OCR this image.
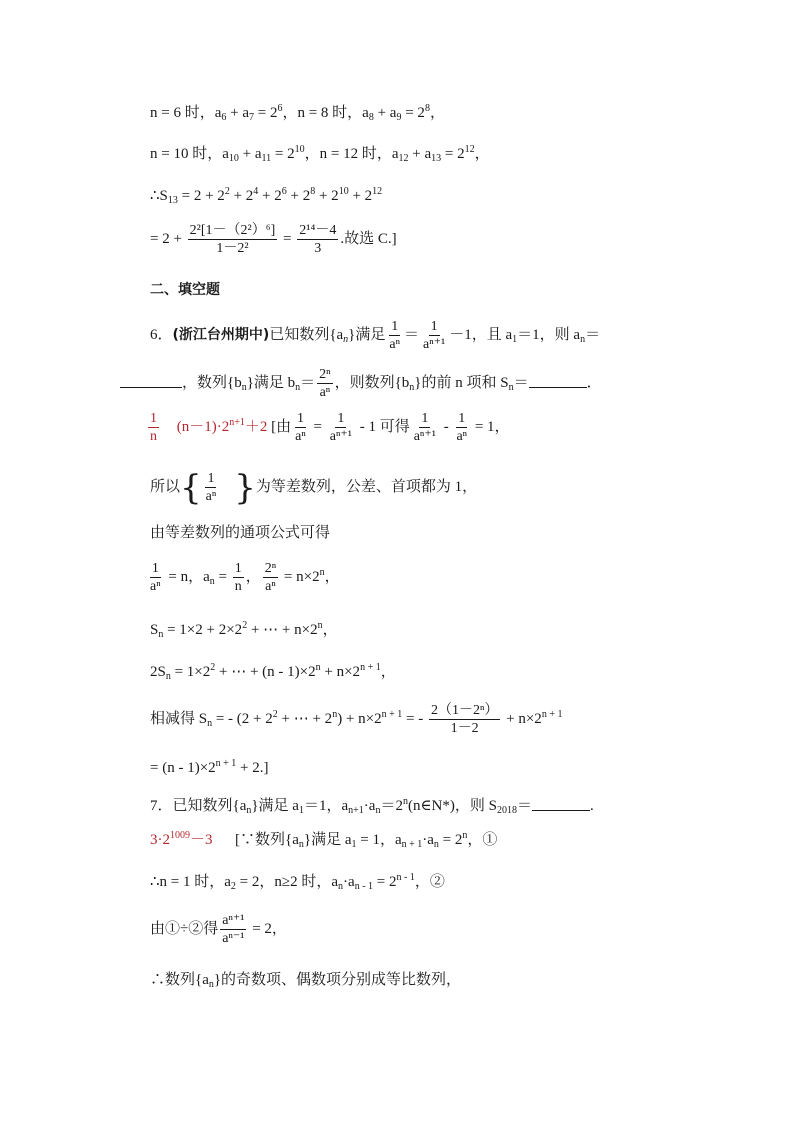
n = 6 时，$a_6 + a_7 = 2^6$，n = 8 时，$a_8 + a_9 = 2^8$，
n = 10 时，$a_{10} + a_{11} = 2^{10}$，n = 12 时，$a_{12} + a_{13} = 2^{12}$，
$\therefore S_{13} = 2 + 2^2 + 2^4 + 2^6 + 2^8 + 2^{10} + 2^{12}$
= $2 + \frac{\text{2²[1－（2²）⁶]}}{\text{1－2²}} = \frac{\text{2¹⁴－4}}{3}$ .故选 C.]
二、填空题
6．(浙江台州期中)已知数列$\{a_n\}$满足 $\frac{1}{\text{aⁿ}} = \frac{1}{\text{aⁿ⁺¹}} -1$，且 $a_1=1$，则 $a_n=$
，数列$\{b_n\}$满足 $b_n= \frac{\text{2ⁿ}}{\text{aⁿ}}$ ，则数列$\{b_n\}$的前 n 项和 $S_n=$	．
$\frac{1}{n} (n-1)\cdot 2^{n+1}+2$ [由 $\frac{1}{\text{aⁿ}} = \frac{1}{\text{aⁿ⁺¹}} - 1$ 可得 $\frac{1}{\text{aⁿ⁺¹}} - \frac{1}{\text{aⁿ}} = 1$，
所以{ $\frac{1}{\text{aⁿ}}$ }为等差数列，公差、首项都为 1，
由等差数列的通项公式可得
$\frac{1}{\text{aⁿ}} = n$，$a_n = \frac{1}{n}$ ， $\frac{\text{2ⁿ}}{\text{aⁿ}} = n\times 2^n$，
$S_n = 1\times 2 + 2\times 2^2$ + ⋯ + $n\times 2^n$，
$2S_n = 1\times 2^2$ + ⋯ + $(n - 1)\times 2^n + n\times 2^{n + 1}$，
相减得 $S_n$ = - ($2 + 2^2$ + ⋯ + $2^n) + n\times 2^{n + 1}$ = - $\frac{\text{2（1－2ⁿ）}}{1-2} + n\times 2^{n + 1}$
= $(n - 1)\times 2^{n + 1} + 2$.]
7．已知数列$\{a_n\}$满足 $a_1=1$，$a_{n+1}\cdot a_n=2^n(n\in N*)$，则 $S_{2018}=$	.
$3\cdot 2^{1009}-3$      [∵数列$\{a_n\}$满足 $a_1 = 1$，$a_{n + 1}\cdot a_n = 2^n$，①
∴n = 1 时，$a_2 = 2$，n≥2 时，$a_n\cdot a_{n - 1} = 2^{n - 1}$，②
由①÷②得 $\frac{\text{aⁿ⁺¹}}{\text{aⁿ⁻¹}} = 2$，
∴数列$\{a_n\}$的奇数项、偶数项分别成等比数列，
